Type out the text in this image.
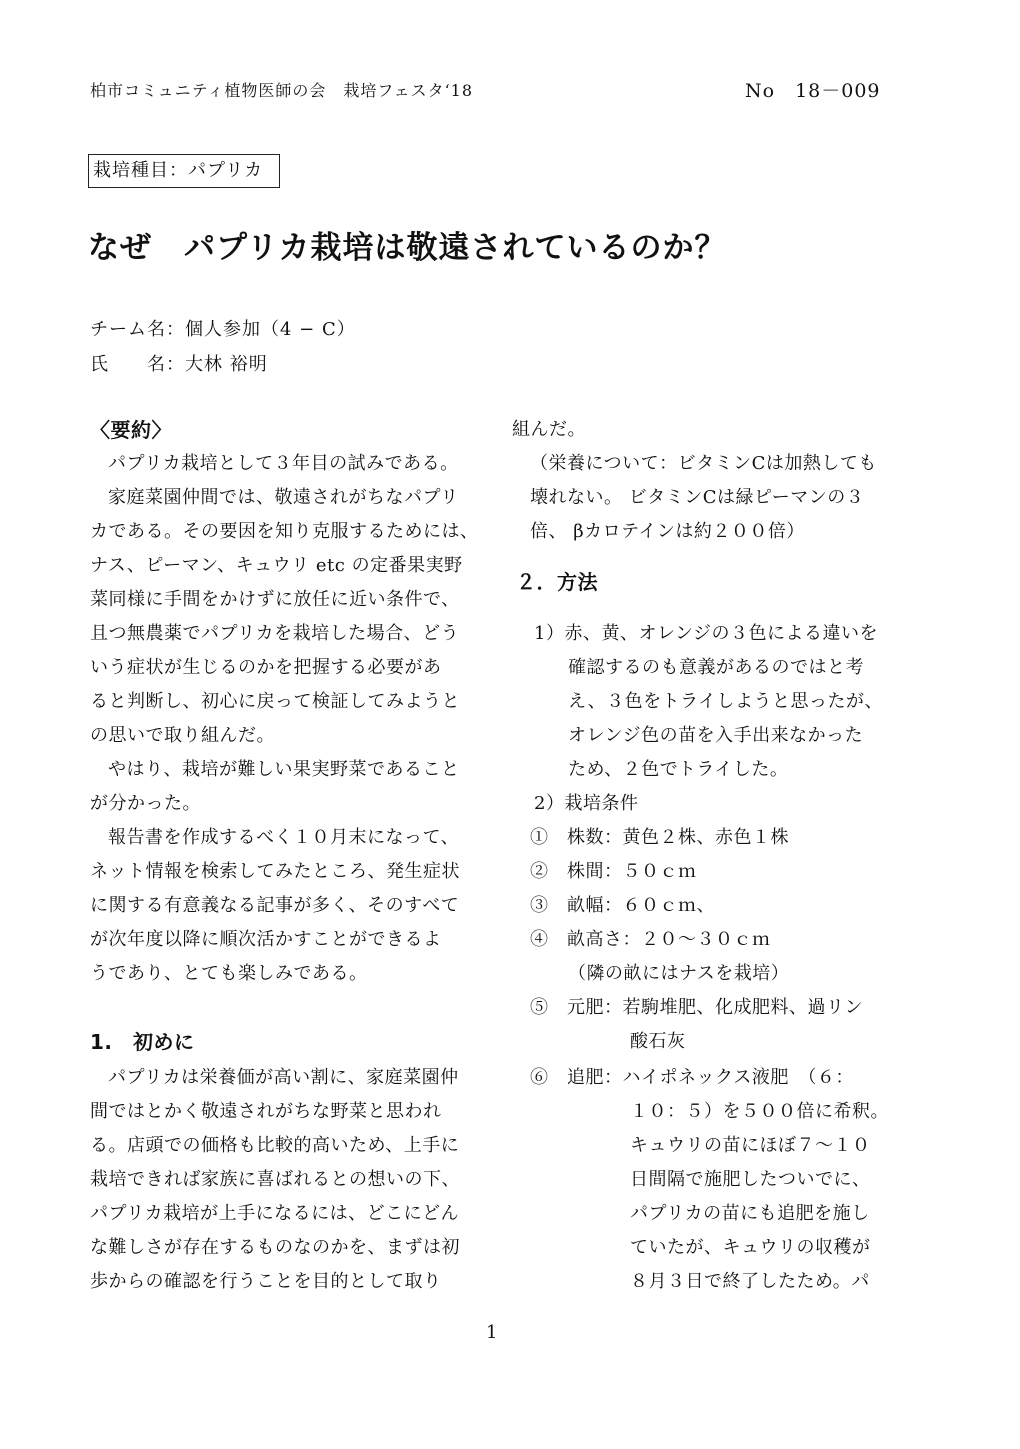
柏市コミュニティ植物医師の会　栽培フェスタ‘18	No　18－009
栽培種目：パプリカ
なぜ　パプリカ栽培は敬遠されているのか？
チーム名：個人参加（4 − C）
氏　　名：大林 裕明
〈要約〉
パプリカ栽培として３年目の試みである。
家庭菜園仲間では、敬遠されがちなパプリ
カである。その要因を知り克服するためには、
ナス、ピーマン、キュウリ etc の定番果実野
菜同様に手間をかけずに放任に近い条件で、
且つ無農薬でパプリカを栽培した場合、どう
いう症状が生じるのかを把握する必要があ
ると判断し、初心に戻って検証してみようと
の思いで取り組んだ。
やはり、栽培が難しい果実野菜であること
が分かった。
報告書を作成するべく１０月末になって、
ネット情報を検索してみたところ、発生症状
に関する有意義なる記事が多く、そのすべて
が次年度以降に順次活かすことができるよ
うであり、とても楽しみである。
1.　初めに
パプリカは栄養価が高い割に、家庭菜園仲
間ではとかく敬遠されがちな野菜と思われ
る。店頭での価格も比較的高いため、上手に
栽培できれば家族に喜ばれるとの想いの下、
パプリカ栽培が上手になるには、どこにどん
な難しさが存在するものなのかを、まずは初
歩からの確認を行うことを目的として取り
組んだ。
（栄養について：ビタミンCは加熱しても
壊れない。 ビタミンCは緑ピーマンの３
倍、 βカロテインは約２００倍）
２．方法
1）赤、黄、オレンジの３色による違いを
確認するのも意義があるのではと考
え、３色をトライしようと思ったが、
オレンジ色の苗を入手出来なかった
ため、２色でトライした。
2）栽培条件
①　株数：黄色２株、赤色１株
②　株間：５０ｃｍ
③　畝幅：６０ｃｍ、
④　畝高さ：２０～３０ｃｍ
（隣の畝にはナスを栽培）
⑤　元肥：若駒堆肥、化成肥料、過リン
酸石灰
⑥　追肥：ハイポネックス液肥　（６：
１０：５）を５００倍に希釈。
キュウリの苗にほぼ７～１０
日間隔で施肥したついでに、
パプリカの苗にも追肥を施し
ていたが、キュウリの収穫が
８月３日で終了したため。パ
1
